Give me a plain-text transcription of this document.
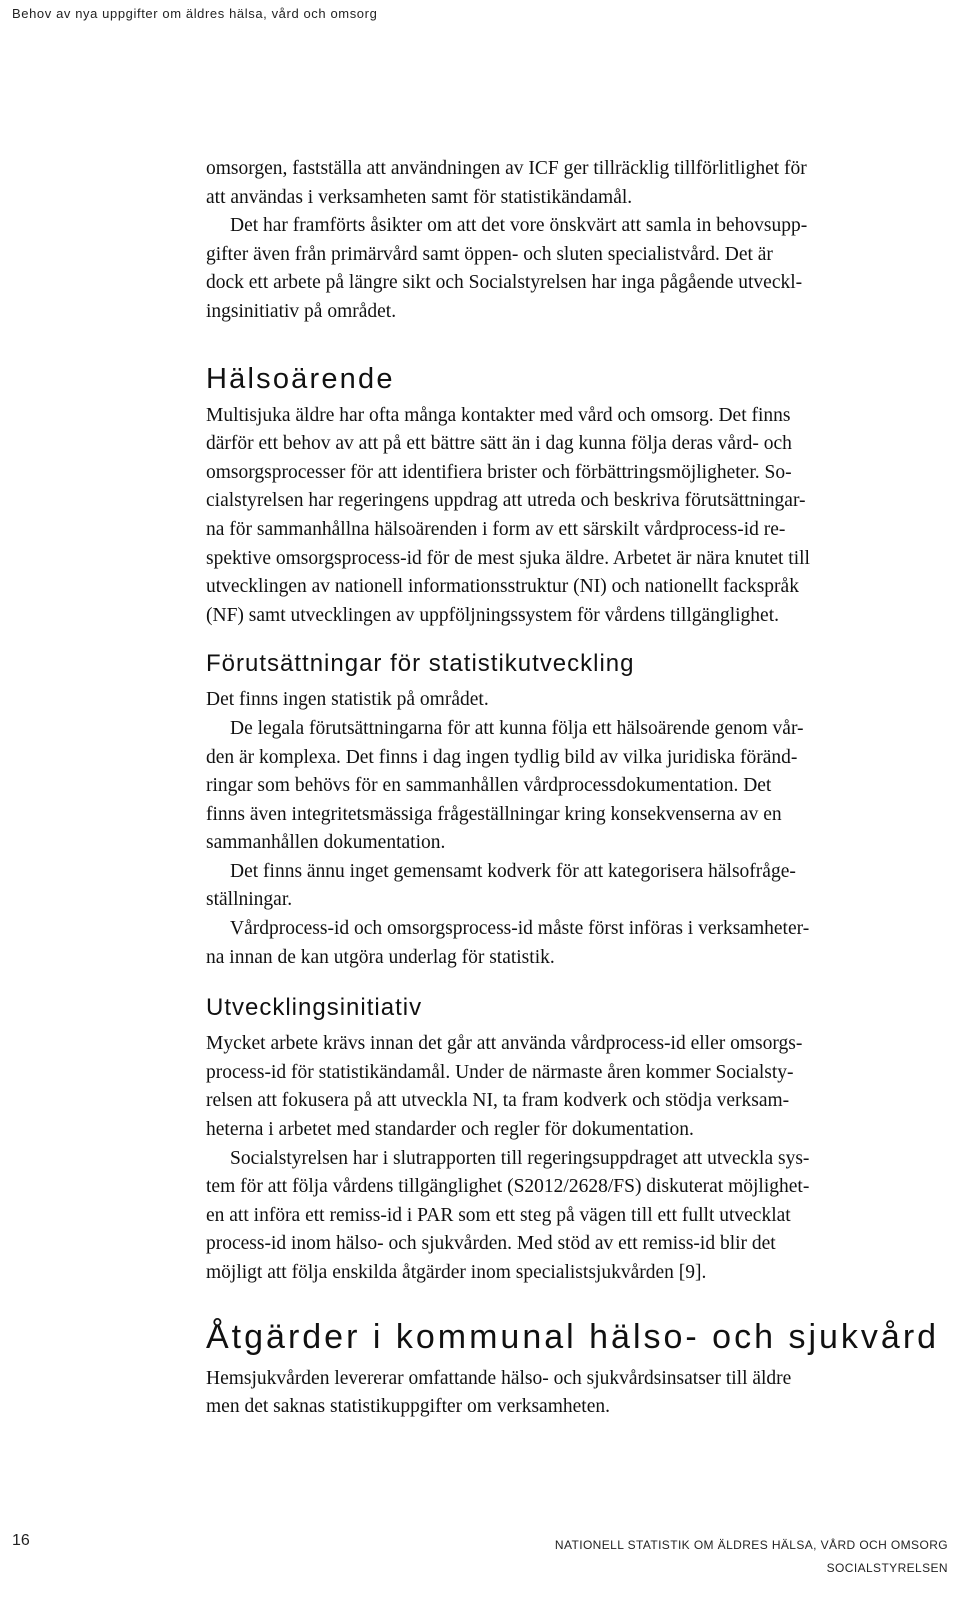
Behov av nya uppgifter om äldres hälsa, vård och omsorg

omsorgen, fastställa att användningen av ICF ger tillräcklig tillförlitlighet för
att användas i verksamheten samt för statistikändamål.

Det har framförts åsikter om att det vore önskvärt att samla in behovsupp-
gifter även från primärvård samt öppen- och sluten specialistvård. Det är
dock ett arbete på längre sikt och Socialstyrelsen har inga pågående utveckl-
ingsinitiativ på området.

Hälsoärende

Multisjuka äldre har ofta många kontakter med vård och omsorg. Det finns
därför ett behov av att på ett bättre sätt än i dag kunna följa deras vård- och
omsorgsprocesser för att identifiera brister och förbättringsmöjligheter. So-
cialstyrelsen har regeringens uppdrag att utreda och beskriva förutsättningar-
na för sammanhållna hälsoärenden i form av ett särskilt vårdprocess-id re-
spektive omsorgsprocess-id för de mest sjuka äldre. Arbetet är nära knutet till
utvecklingen av nationell informationsstruktur (NI) och nationellt fackspråk
(NF) samt utvecklingen av uppföljningssystem för vårdens tillgänglighet.

Förutsättningar för statistikutveckling

Det finns ingen statistik på området.

De legala förutsättningarna för att kunna följa ett hälsoärende genom vår-
den är komplexa. Det finns i dag ingen tydlig bild av vilka juridiska föränd-
ringar som behövs för en sammanhållen vårdprocessdokumentation. Det
finns även integritetsmässiga frågeställningar kring konsekvenserna av en
sammanhållen dokumentation.

Det finns ännu inget gemensamt kodverk för att kategorisera hälsofråge-
ställningar.

Vårdprocess-id och omsorgsprocess-id måste först införas i verksamheter-
na innan de kan utgöra underlag för statistik.

Utvecklingsinitiativ

Mycket arbete krävs innan det går att använda vårdprocess-id eller omsorgs-
process-id för statistikändamål. Under de närmaste åren kommer Socialsty-
relsen att fokusera på att utveckla NI, ta fram kodverk och stödja verksam-
heterna i arbetet med standarder och regler för dokumentation.

Socialstyrelsen har i slutrapporten till regeringsuppdraget att utveckla sys-
tem för att följa vårdens tillgänglighet (S2012/2628/FS) diskuterat möjlighet-
en att införa ett remiss-id i PAR som ett steg på vägen till ett fullt utvecklat
process-id inom hälso- och sjukvården. Med stöd av ett remiss-id blir det
möjligt att följa enskilda åtgärder inom specialistsjukvården [9].

Åtgärder i kommunal hälso- och sjukvård

Hemsjukvården levererar omfattande hälso- och sjukvårdsinsatser till äldre
men det saknas statistikuppgifter om verksamheten.

16	NATIONELL STATISTIK OM ÄLDRES HÄLSA, VÅRD OCH OMSORG
SOCIALSTYRELSEN
